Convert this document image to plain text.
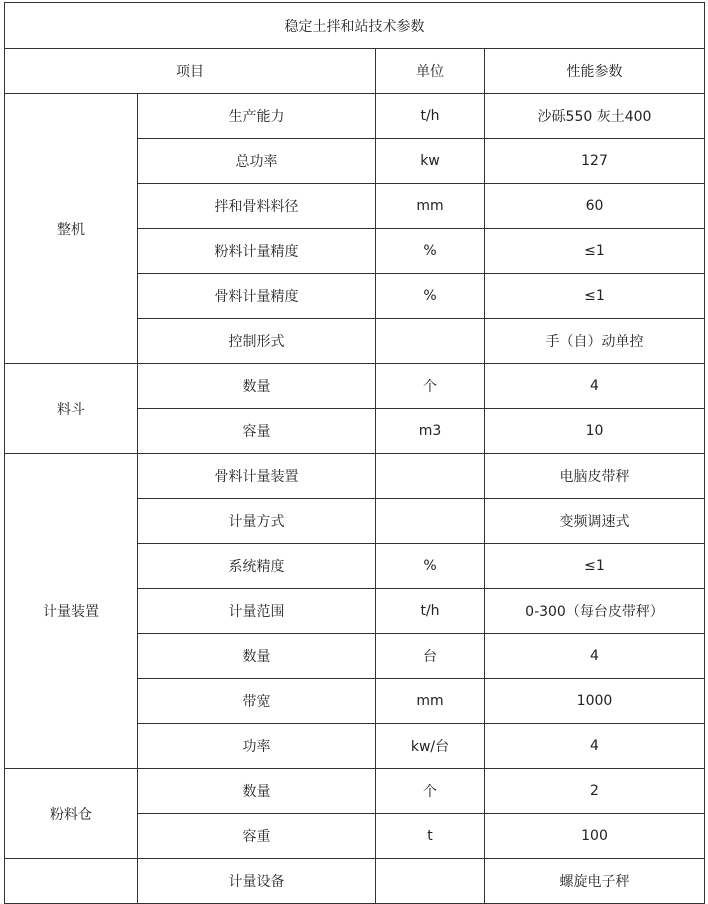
稳定土拌和站技术参数			
项目		单位	性能参数
整机	生产能力	t/h	沙砾550 灰土400
	总功率	kw	127
	拌和骨料料径	mm	60
	粉料计量精度	%	≤1
	骨料计量精度	%	≤1
	控制形式		手（自）动单控
料斗	数量	个	4
	容量	m3	10
计量装置	骨料计量装置		电脑皮带秤
	计量方式		变频调速式
	系统精度	%	≤1
	计量范围	t/h	0-300（每台皮带秤）
	数量	台	4
	带宽	mm	1000
	功率	kw/台	4
粉料仓	数量	个	2
	容重	t	100
	计量设备		螺旋电子秤
